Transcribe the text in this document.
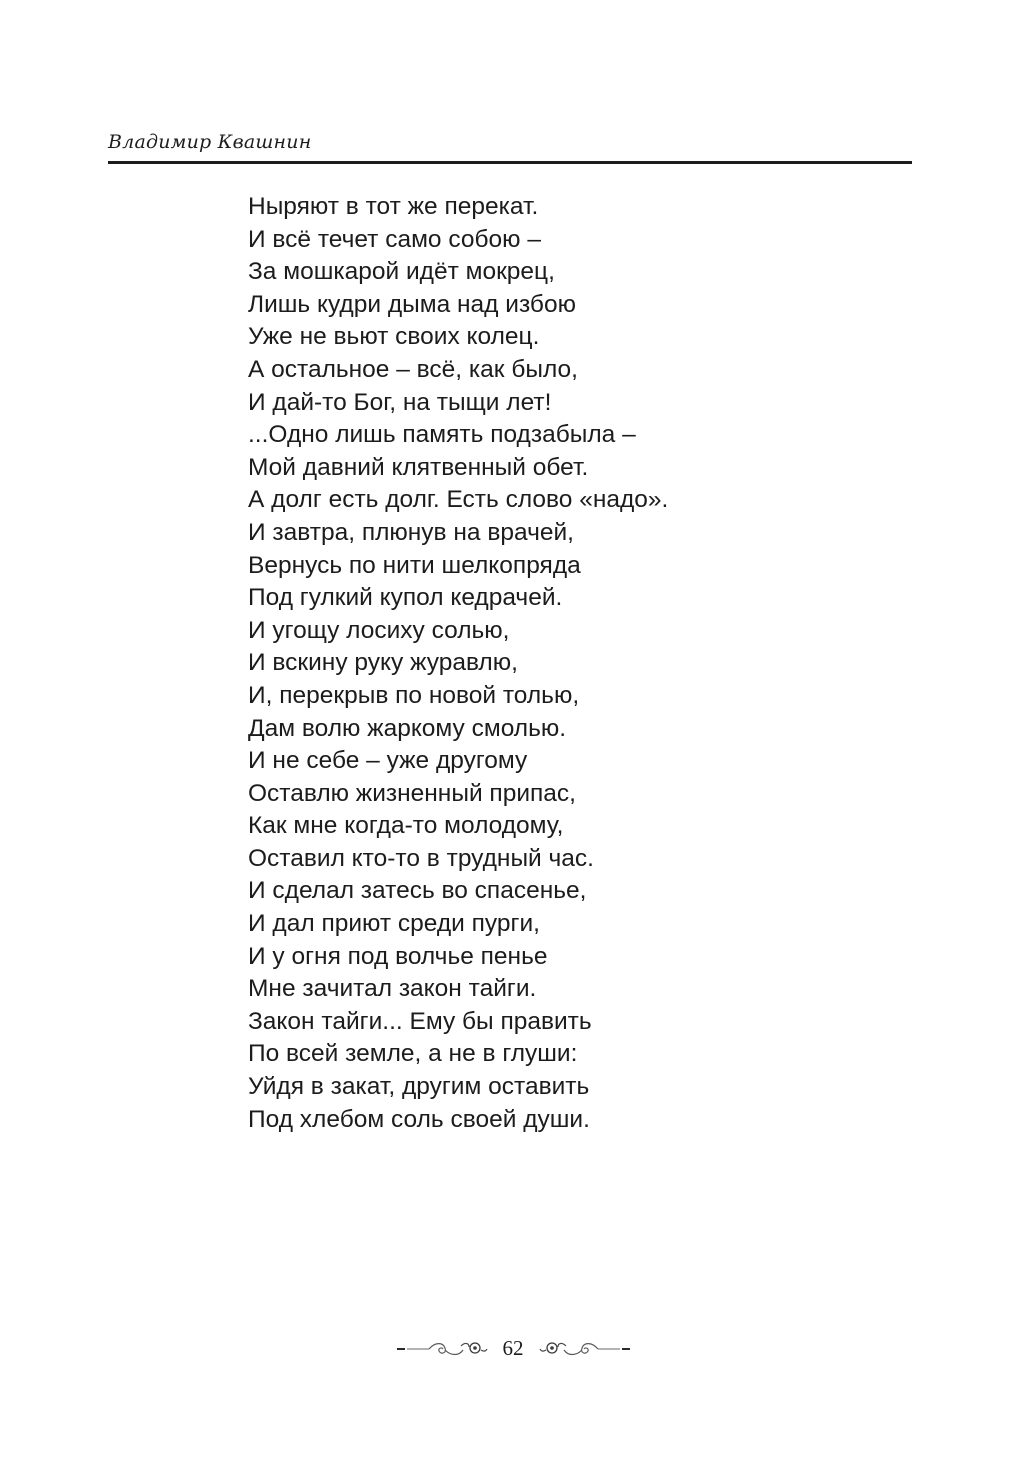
Владимир Квашнин
Ныряют в тот же перекат.
И всё течет само собою –
За мошкарой идёт мокрец,
Лишь кудри дыма над избою
Уже не вьют своих колец.
А остальное – всё, как было,
И дай-то Бог, на тыщи лет!
...Одно лишь память подзабыла –
Мой давний клятвенный обет.
А долг есть долг. Есть слово «надо».
И завтра, плюнув на врачей,
Вернусь по нити шелкопряда
Под гулкий купол кедрачей.
И угощу лосиху солью,
И вскину руку журавлю,
И, перекрыв по новой толью,
Дам волю жаркому смолью.
И не себе – уже другому
Оставлю жизненный припас,
Как мне когда-то молодому,
Оставил кто-то в трудный час.
И сделал затесь во спасенье,
И дал приют среди пурги,
И у огня под волчье пенье
Мне зачитал закон тайги.
Закон тайги... Ему бы править
По всей земле, а не в глуши:
Уйдя в закат, другим оставить
Под хлебом соль своей души.
62
